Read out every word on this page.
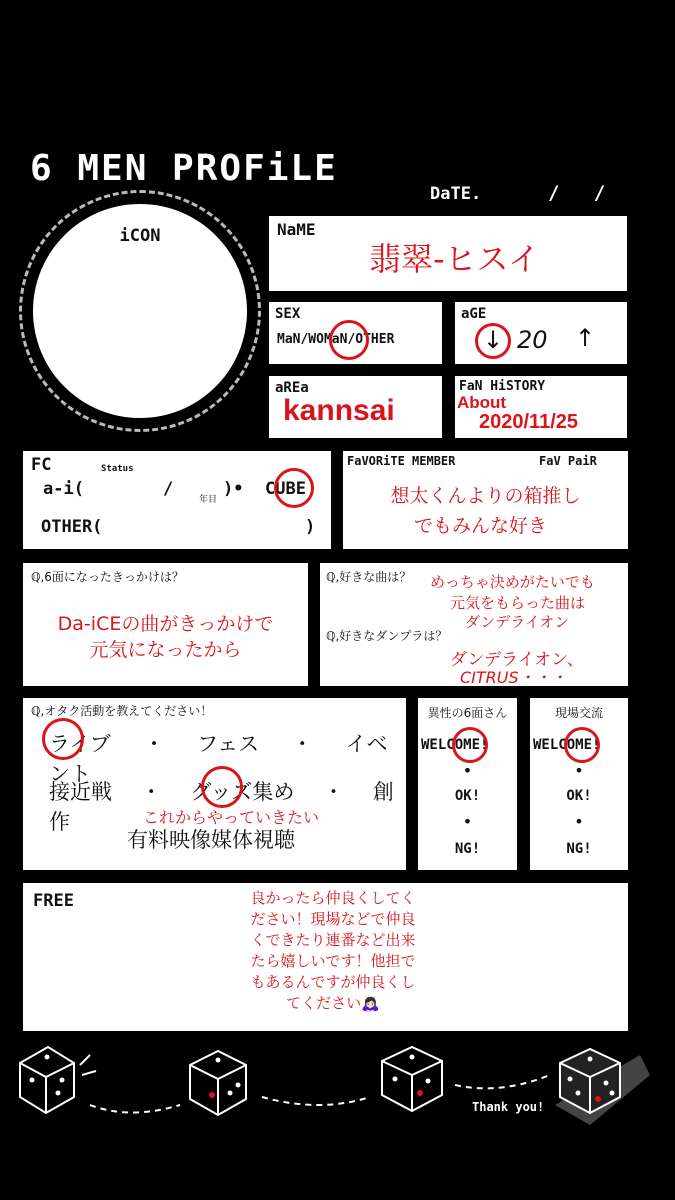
6 MEN PROFiLE
DaTE.	/   /
iCON	NaME
翡翠-ヒスイ
SEX
MaN/WOMaN/OTHER
aGE
↓ 20 ↑
aREa
kannsai
FaN HiSTORY
About
2020/11/25
FC	Status
a-i(	/
年目
)• CUBE
OTHER(	)
FaVORiTE MEMBER	FaV PaiR
想太くんよりの箱推し
でもみんな好き
ℚ,6面になったきっかけは？
Da-iCEの曲がきっかけで
元気になったから
ℚ,好きな曲は？ めっちゃ決めがたいでも
元気をもらった曲は
ダンデライオン
ℚ,好きなダンプラは？
ダンデライオン、
CITRUS・・・
ℚ,オタク活動を教えてください！
ライブ ・ フェス ・ イベント
接近戦 ・ グッズ集め ・ 創作	これからやっていきたい
有料映像媒体視聴
異性の6面さん
WELCOME!
•
OK!
•
NG!
現場交流
WELCOME!
•
OK!
•
NG!
FREE	良かったら仲良くしてく
ださい！現場などで仲良
くできたり連番など出来
たら嬉しいです！他担で
もあるんですが仲良くし
てください🙇🏻‍♀️
Thank you!
